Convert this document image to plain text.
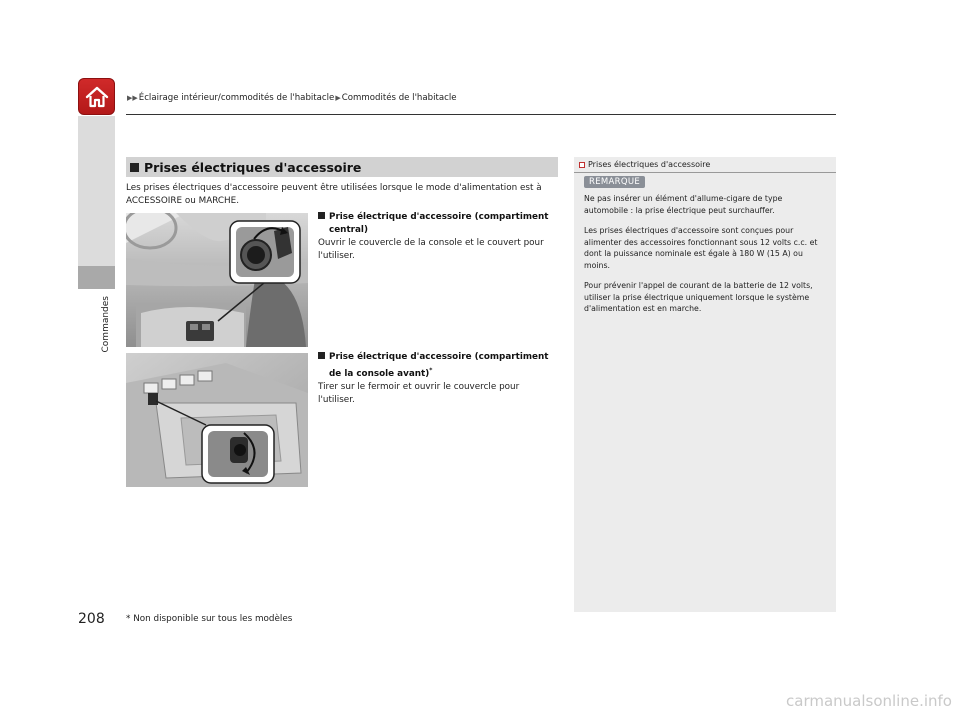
▶▶Éclairage intérieur/commodités de l'habitacle▶Commodités de l'habitacle
Commandes
Prises électriques d'accessoire
Les prises électriques d'accessoire peuvent être utilisées lorsque le mode d'alimentation est à ACCESSOIRE ou MARCHE.
Prise électrique d'accessoire (compartiment
central)
Ouvrir le couvercle de la console et le couvert pour l'utiliser.
Prise électrique d'accessoire (compartiment
de la console avant)*
Tirer sur le fermoir et ouvrir le couvercle pour l'utiliser.
Prises électriques d'accessoire
REMARQUE

Ne pas insérer un élément d'allume-cigare de type automobile : la prise électrique peut surchauffer.

Les prises électriques d'accessoire sont conçues pour alimenter des accessoires fonctionnant sous 12 volts c.c. et dont la puissance nominale est égale à 180 W (15 A) ou moins.

Pour prévenir l'appel de courant de la batterie de 12 volts, utiliser la prise électrique uniquement lorsque le système d'alimentation est en marche.

208 * Non disponible sur tous les modèles
carmanualsonline.info
